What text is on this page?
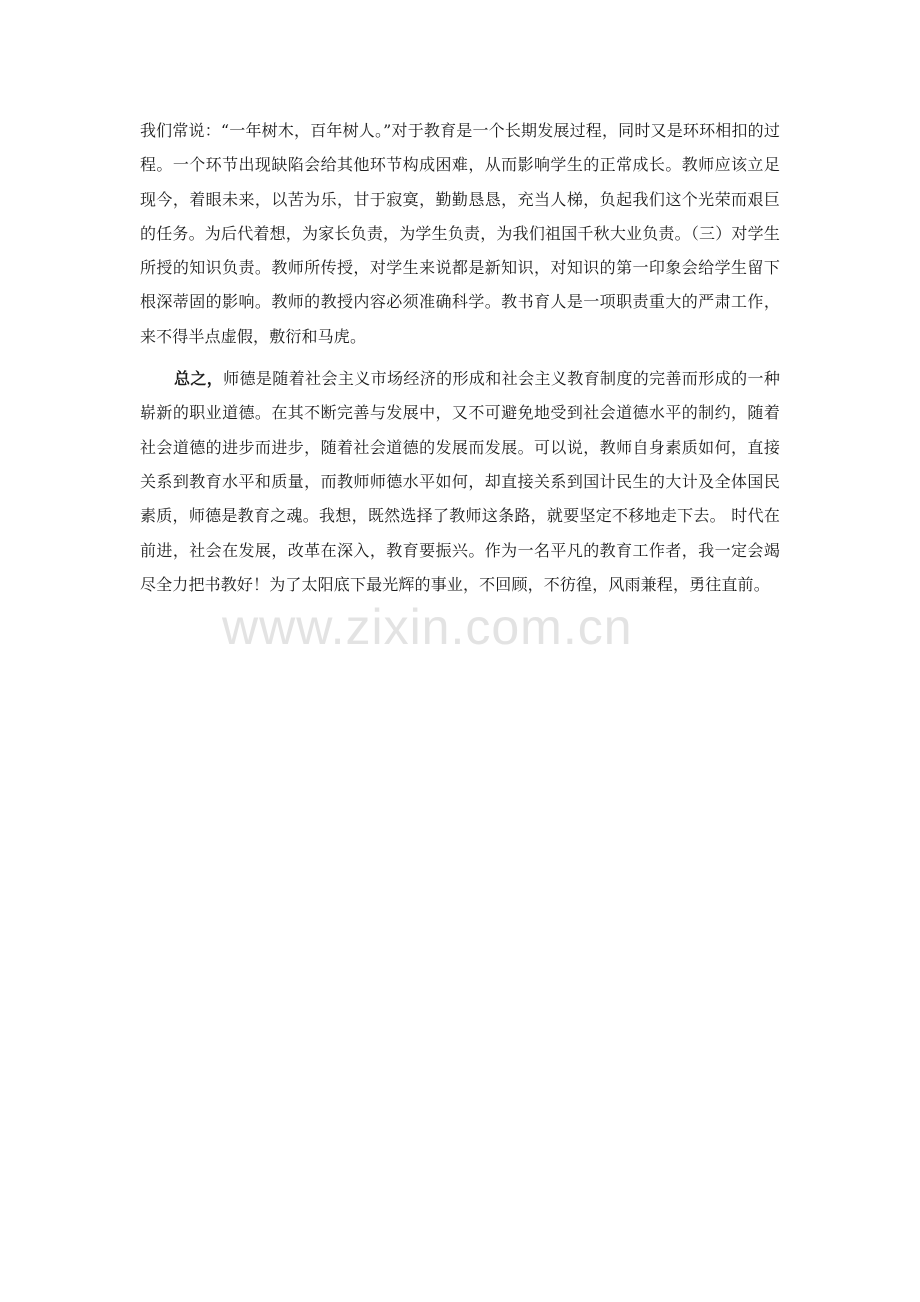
我们常说：“一年树木，百年树人。”对于教育是一个长期发展过程，同时又是环环相扣的过程。一个环节出现缺陷会给其他环节构成困难，从而影响学生的正常成长。教师应该立足现今，着眼未来，以苦为乐，甘于寂寞，勤勤恳恳，充当人梯，负起我们这个光荣而艰巨的任务。为后代着想，为家长负责，为学生负责，为我们祖国千秋大业负责。（三）对学生所授的知识负责。教师所传授，对学生来说都是新知识，对知识的第一印象会给学生留下根深蒂固的影响。教师的教授内容必须准确科学。教书育人是一项职责重大的严肃工作，来不得半点虚假，敷衍和马虎。

总之，师德是随着社会主义市场经济的形成和社会主义教育制度的完善而形成的一种崭新的职业道德。在其不断完善与发展中，又不可避免地受到社会道德水平的制约，随着社会道德的进步而进步，随着社会道德的发展而发展。可以说，教师自身素质如何，直接关系到教育水平和质量，而教师师德水平如何，却直接关系到国计民生的大计及全体国民素质，师德是教育之魂。我想，既然选择了教师这条路，就要坚定不移地走下去。 时代在前进，社会在发展，改革在深入，教育要振兴。作为一名平凡的教育工作者，我一定会竭尽全力把书教好！为了太阳底下最光辉的事业，不回顾，不彷徨，风雨兼程，勇往直前。

www.zixin.com.cn
